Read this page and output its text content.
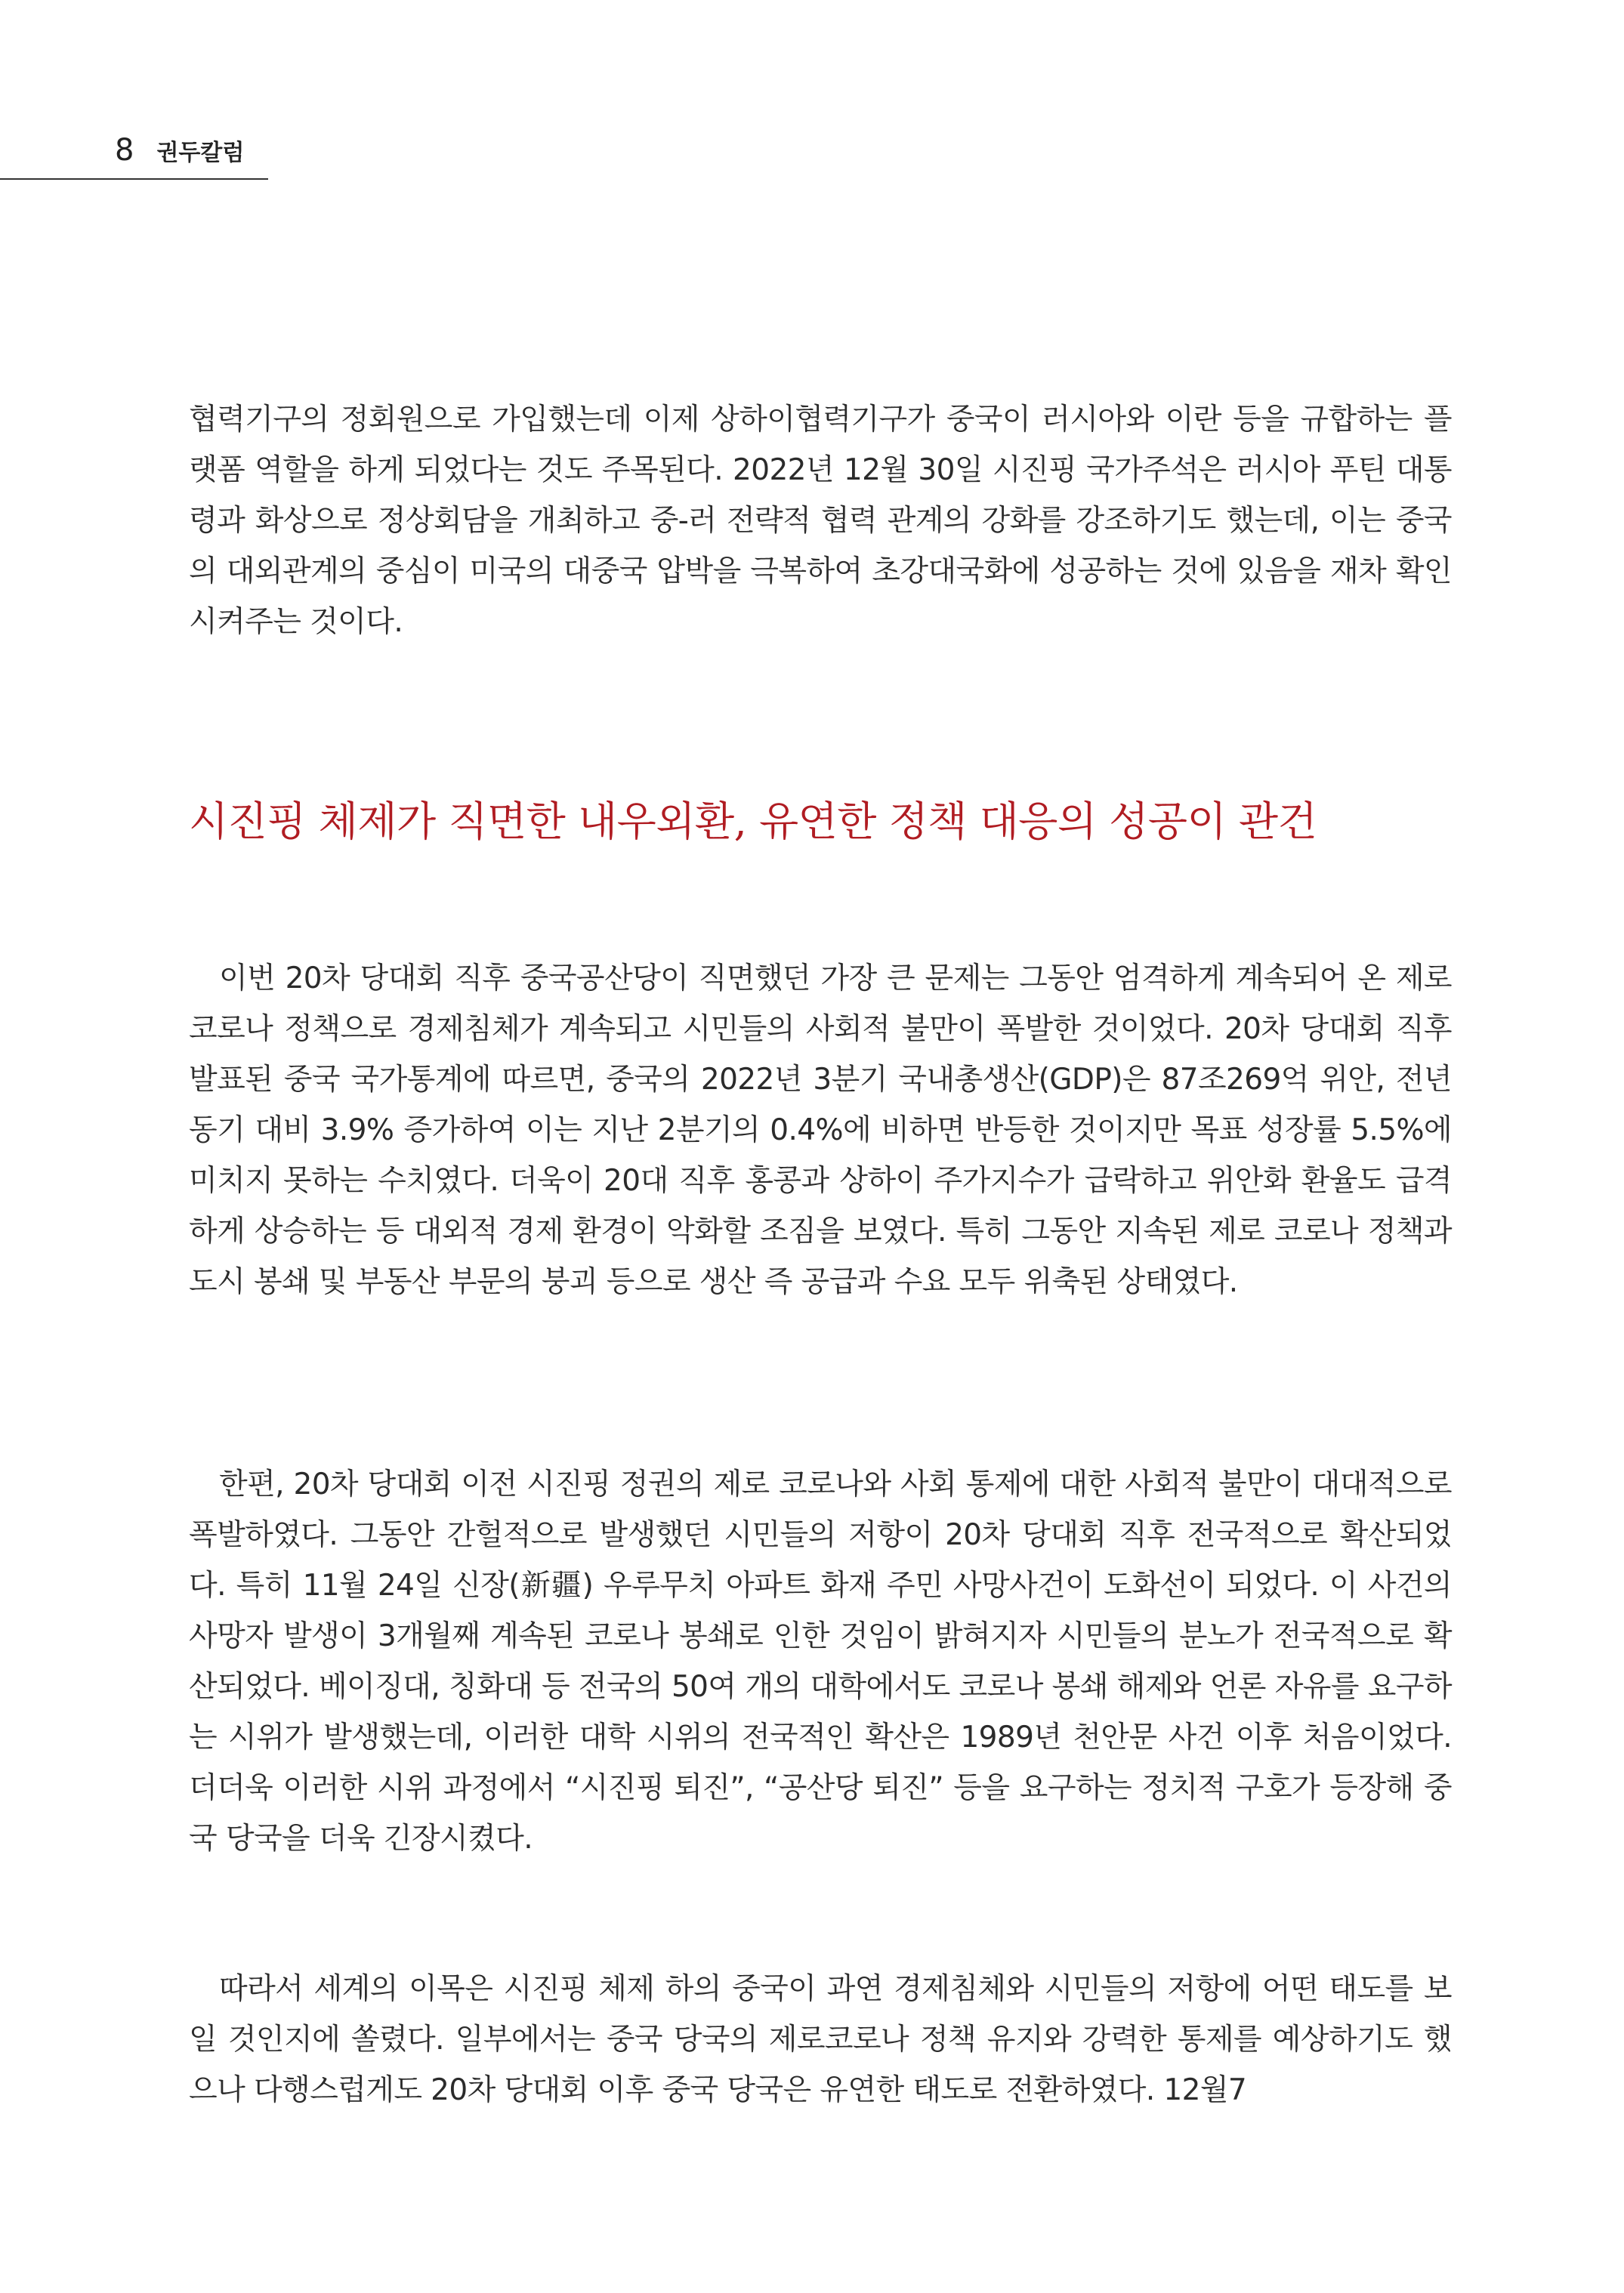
8 권두칼럼

협력기구의 정회원으로 가입했는데 이제 상하이협력기구가 중국이 러시아와 이란 등을 규합하는 플랫폼 역할을 하게 되었다는 것도 주목된다. 2022년 12월 30일 시진핑 국가주석은 러시아 푸틴 대통령과 화상으로 정상회담을 개최하고 중-러 전략적 협력 관계의 강화를 강조하기도 했는데, 이는 중국의 대외관계의 중심이 미국의 대중국 압박을 극복하여 초강대국화에 성공하는 것에 있음을 재차 확인시켜주는 것이다.

시진핑 체제가 직면한 내우외환, 유연한 정책 대응의 성공이 관건

이번 20차 당대회 직후 중국공산당이 직면했던 가장 큰 문제는 그동안 엄격하게 계속되어 온 제로코로나 정책으로 경제침체가 계속되고 시민들의 사회적 불만이 폭발한 것이었다. 20차 당대회 직후 발표된 중국 국가통계에 따르면, 중국의 2022년 3분기 국내총생산(GDP)은 87조269억 위안, 전년 동기 대비 3.9% 증가하여 이는 지난 2분기의 0.4%에 비하면 반등한 것이지만 목표 성장률 5.5%에 미치지 못하는 수치였다. 더욱이 20대 직후 홍콩과 상하이 주가지수가 급락하고 위안화 환율도 급격하게 상승하는 등 대외적 경제 환경이 악화할 조짐을 보였다. 특히 그동안 지속된 제로 코로나 정책과 도시 봉쇄 및 부동산 부문의 붕괴 등으로 생산 즉 공급과 수요 모두 위축된 상태였다.

한편, 20차 당대회 이전 시진핑 정권의 제로 코로나와 사회 통제에 대한 사회적 불만이 대대적으로 폭발하였다. 그동안 간헐적으로 발생했던 시민들의 저항이 20차 당대회 직후 전국적으로 확산되었다. 특히 11월 24일 신장(新疆) 우루무치 아파트 화재 주민 사망사건이 도화선이 되었다. 이 사건의 사망자 발생이 3개월째 계속된 코로나 봉쇄로 인한 것임이 밝혀지자 시민들의 분노가 전국적으로 확산되었다. 베이징대, 칭화대 등 전국의 50여 개의 대학에서도 코로나 봉쇄 해제와 언론 자유를 요구하는 시위가 발생했는데, 이러한 대학 시위의 전국적인 확산은 1989년 천안문 사건 이후 처음이었다. 더더욱 이러한 시위 과정에서 “시진핑 퇴진”, “공산당 퇴진” 등을 요구하는 정치적 구호가 등장해 중국 당국을 더욱 긴장시켰다.

따라서 세계의 이목은 시진핑 체제 하의 중국이 과연 경제침체와 시민들의 저항에 어떤 태도를 보일 것인지에 쏠렸다. 일부에서는 중국 당국의 제로코로나 정책 유지와 강력한 통제를 예상하기도 했으나 다행스럽게도 20차 당대회 이후 중국 당국은 유연한 태도로 전환하였다. 12월7
